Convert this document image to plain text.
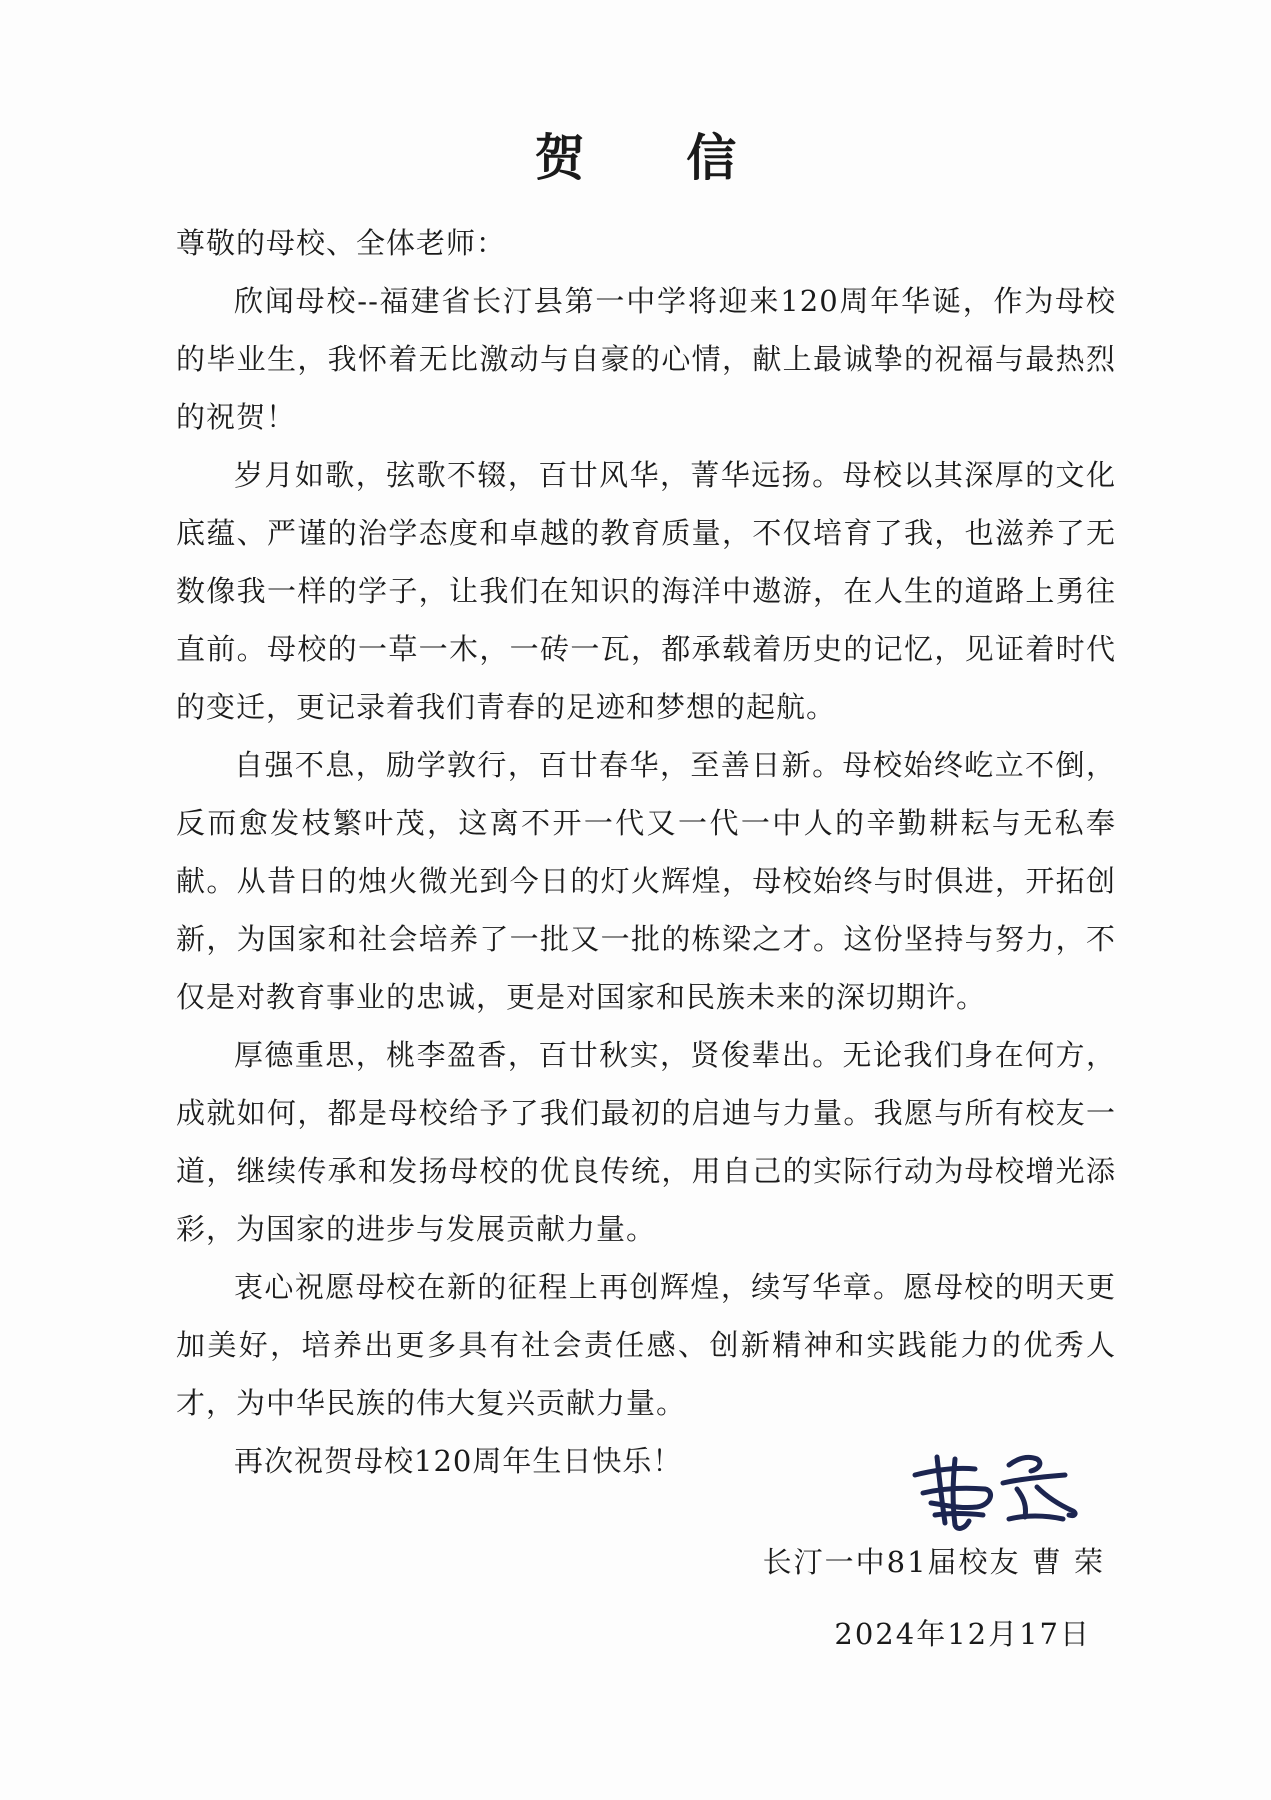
贺 信

尊敬的母校、全体老师：

欣闻母校--福建省长汀县第一中学将迎来120周年华诞，作为母校的毕业生，我怀着无比激动与自豪的心情，献上最诚挚的祝福与最热烈的祝贺！

岁月如歌，弦歌不辍，百廿风华，菁华远扬。母校以其深厚的文化底蕴、严谨的治学态度和卓越的教育质量，不仅培育了我，也滋养了无数像我一样的学子，让我们在知识的海洋中遨游，在人生的道路上勇往直前。母校的一草一木，一砖一瓦，都承载着历史的记忆，见证着时代的变迁，更记录着我们青春的足迹和梦想的起航。

自强不息，励学敦行，百廿春华，至善日新。母校始终屹立不倒，反而愈发枝繁叶茂，这离不开一代又一代一中人的辛勤耕耘与无私奉献。从昔日的烛火微光到今日的灯火辉煌，母校始终与时俱进，开拓创新，为国家和社会培养了一批又一批的栋梁之才。这份坚持与努力，不仅是对教育事业的忠诚，更是对国家和民族未来的深切期许。

厚德重思，桃李盈香，百廿秋实，贤俊辈出。无论我们身在何方，成就如何，都是母校给予了我们最初的启迪与力量。我愿与所有校友一道，继续传承和发扬母校的优良传统，用自己的实际行动为母校增光添彩，为国家的进步与发展贡献力量。

衷心祝愿母校在新的征程上再创辉煌，续写华章。愿母校的明天更加美好，培养出更多具有社会责任感、创新精神和实践能力的优秀人才，为中华民族的伟大复兴贡献力量。

再次祝贺母校120周年生日快乐！

长汀一中81届校友 曹 荣
2024年12月17日
